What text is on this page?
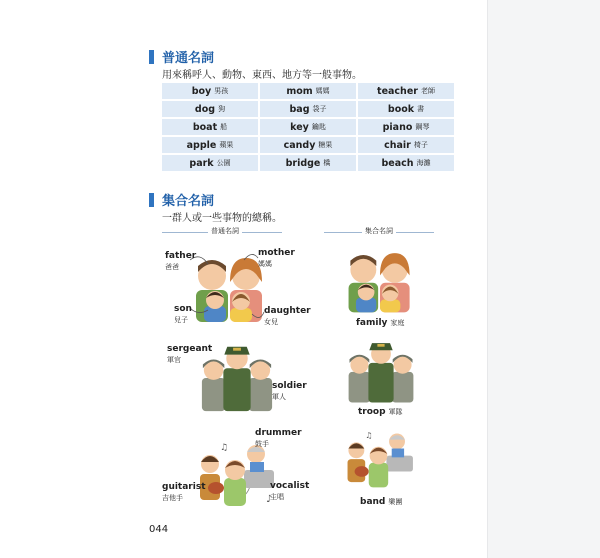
普通名詞
用來稱呼人、動物、東西、地方等一般事物。
boy 男孩	mom 媽媽	teacher 老師
dog 狗	bag 袋子	book 書
boat 船	key 鑰匙	piano 鋼琴
apple 蘋果	candy 糖果	chair 椅子
park 公園	bridge 橋	beach 海灘
集合名詞
一群人或一些事物的總稱。
普通名詞	集合名詞
father
爸爸
mother
媽媽
son
兒子
daughter
女兒	family 家庭
sergeant
軍官
soldier
軍人
troop 軍隊
♪
♫
drummer
鼓手
guitarist
吉他手
vocalist
主唱
♫
band 樂團
044
